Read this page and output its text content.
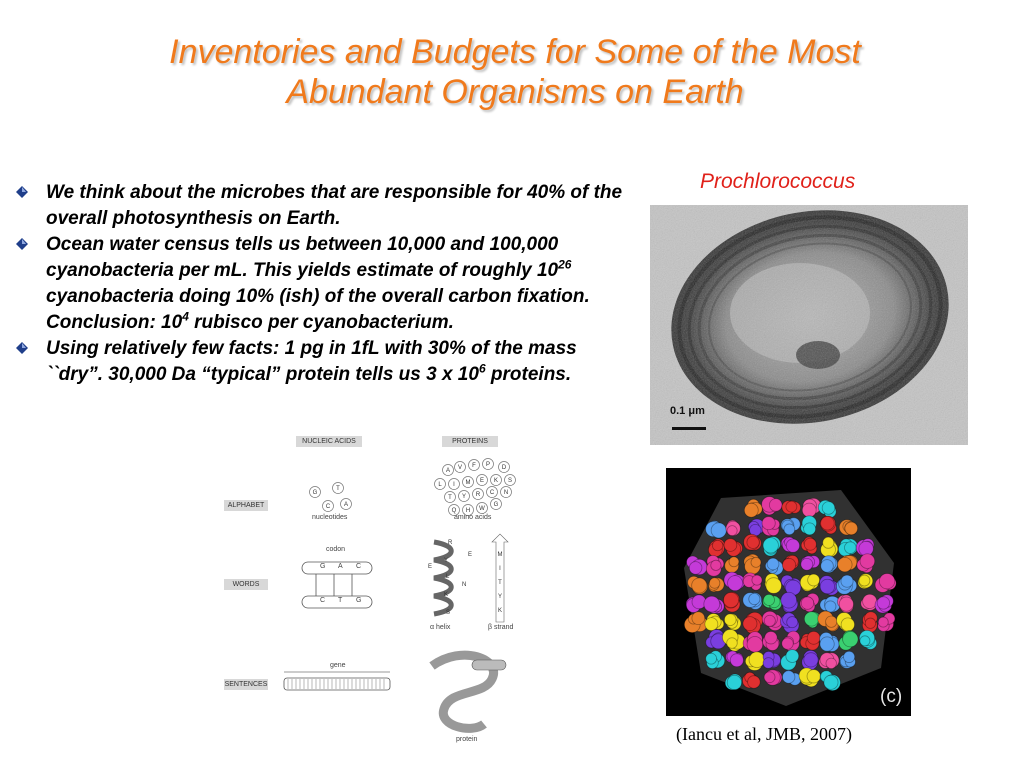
Inventories and Budgets for Some of the Most
Abundant Organisms on Earth
We think about the microbes that are responsible for 40% of the overall photosynthesis on Earth.
Ocean water census tells us between 10,000 and 100,000 cyanobacteria per mL. This yields estimate of roughly $10^{26}$ cyanobacteria doing 10% (ish) of the overall carbon fixation. Conclusion: $10^4$ rubisco per cyanobacterium.
Using relatively few facts: 1 pg in 1fL with 30% of the mass ``dry”. 30,000 Da “typical” protein tells us 3 x $10^6$ proteins.
Prochlorococcus
0.1 μm
(c)
(Iancu et al, JMB, 2007)
NUCLEIC ACIDS	PROTEINS
ALPHABET
WORDS
SENTENCES
G
T
C A
A V F P D
L I M E K S
T Y R C N
Q H W
G
R
E
Y
E
L
N
K
S
M
I
T
Y
K
nucleotides	amino acids
codon
α helix	β strand
gene
protein
G A C
C T G
